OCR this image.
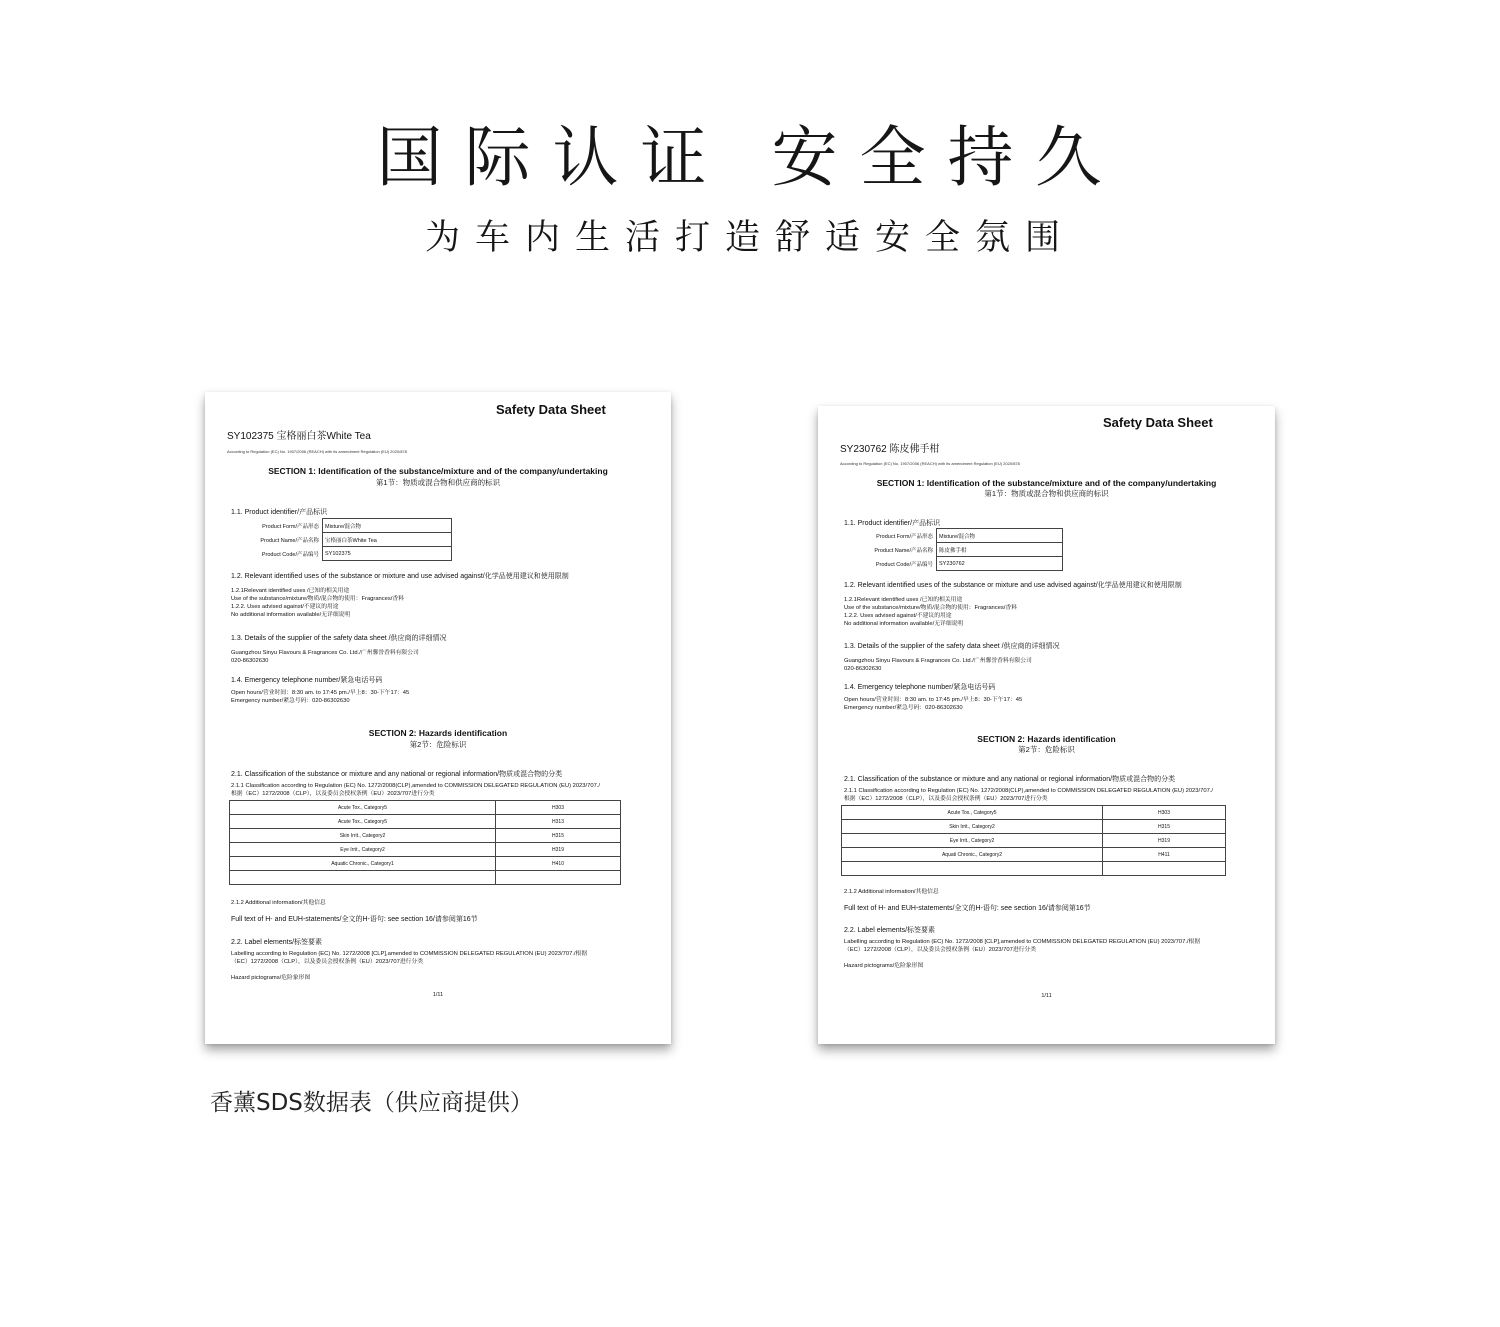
国际认证 安全持久
为车内生活打造舒适安全氛围
Safety Data Sheet
SY102375 宝格丽白茶White Tea
According to Regulation (EC) No. 1907/2006 (REACH) with its amendment Regulation (EU) 2020/878
SECTION 1: Identification of the substance/mixture and of the company/undertaking
第1节：物质或混合物和供应商的标识
1.1. Product identifier/产品标识
Product Form/产品形态	Mixture/混合物
Product Name/产品名称	宝格丽白茶White Tea
Product Code/产品编号	SY102375
1.2. Relevant identified uses of the substance or mixture and use advised against/化学品使用建议和使用限制
1.2.1Relevant identified uses /已知的相关用途
Use of the substance/mixture/物质/混合物的使用：Fragrances/香料
1.2.2. Uses advised against/不建议的用途
No additional information available/无详细说明
1.3. Details of the supplier of the safety data sheet /供应商的详细情况
Guangzhou Sinyu Flavours & Fragrances Co. Ltd./广州馨誉香料有限公司
020-86302630
1.4. Emergency telephone number/紧急电话号码
Open hours/营业时间：8:30 am. to 17:45 pm./早上8：30-下午17：45
Emergency number/紧急号码：020-86302630
SECTION 2: Hazards identification
第2节：危险标识
2.1. Classification of the substance or mixture and any national or regional information/物质或混合物的分类
2.1.1 Classification according to Regulation (EC) No. 1272/2008(CLP),amended to COMMISSION DELEGATED REGULATION (EU) 2023/707./
根据（EC）1272/2008（CLP），以及委员会授权条例（EU）2023/707进行分类
Acute Tox., Category5	H303
Acute Tox., Category5	H313
Skin Irrit., Category2	H315
Eye Irrit., Category2	H319
Aquatic Chronic., Category1	H410

2.1.2 Additional information/其他信息
Full text of H- and EUH-statements/全文的H-语句: see section 16/请参阅第16节
2.2. Label elements/标签要素
Labelling according to Regulation (EC) No. 1272/2008 [CLP],amended to COMMISSION DELEGATED REGULATION (EU) 2023/707./根据
（EC）1272/2008（CLP），以及委员会授权条例（EU）2023/707进行分类
Hazard pictograms/危险象形图
1/11
Safety Data Sheet
SY230762 陈皮佛手柑
According to Regulation (EC) No. 1907/2006 (REACH) with its amendment Regulation (EU) 2020/878
SECTION 1: Identification of the substance/mixture and of the company/undertaking
第1节：物质或混合物和供应商的标识
1.1. Product identifier/产品标识
Product Form/产品形态	Mixture/混合物
Product Name/产品名称	陈皮佛手柑
Product Code/产品编号	SY230762
1.2. Relevant identified uses of the substance or mixture and use advised against/化学品使用建议和使用限制
1.2.1Relevant identified uses /已知的相关用途
Use of the substance/mixture/物质/混合物的使用：Fragrances/香料
1.2.2. Uses advised against/不建议的用途
No additional information available/无详细说明
1.3. Details of the supplier of the safety data sheet /供应商的详细情况
Guangzhou Sinyu Flavours & Fragrances Co. Ltd./广州馨誉香料有限公司
020-86302630
1.4. Emergency telephone number/紧急电话号码
Open hours/营业时间：8:30 am. to 17:45 pm./早上8：30-下午17：45
Emergency number/紧急号码：020-86302630
SECTION 2: Hazards identification
第2节：危险标识
2.1. Classification of the substance or mixture and any national or regional information/物质或混合物的分类
2.1.1 Classification according to Regulation (EC) No. 1272/2008(CLP),amended to COMMISSION DELEGATED REGULATION (EU) 2023/707./
根据（EC）1272/2008（CLP），以及委员会授权条例（EU）2023/707进行分类
Acute Tox., Category5	H303
Skin Irrit., Category2	H315
Eye Irrit., Category2	H319
Aquati Chronic., Category2	H411

2.1.2 Additional information/其他信息
Full text of H- and EUH-statements/全文的H-语句: see section 16/请参阅第16节
2.2. Label elements/标签要素
Labelling according to Regulation (EC) No. 1272/2008 [CLP],amended to COMMISSION DELEGATED REGULATION (EU) 2023/707./根据
（EC）1272/2008（CLP），以及委员会授权条例（EU）2023/707进行分类
Hazard pictograms/危险象形图
1/11
香薰SDS数据表（供应商提供）
